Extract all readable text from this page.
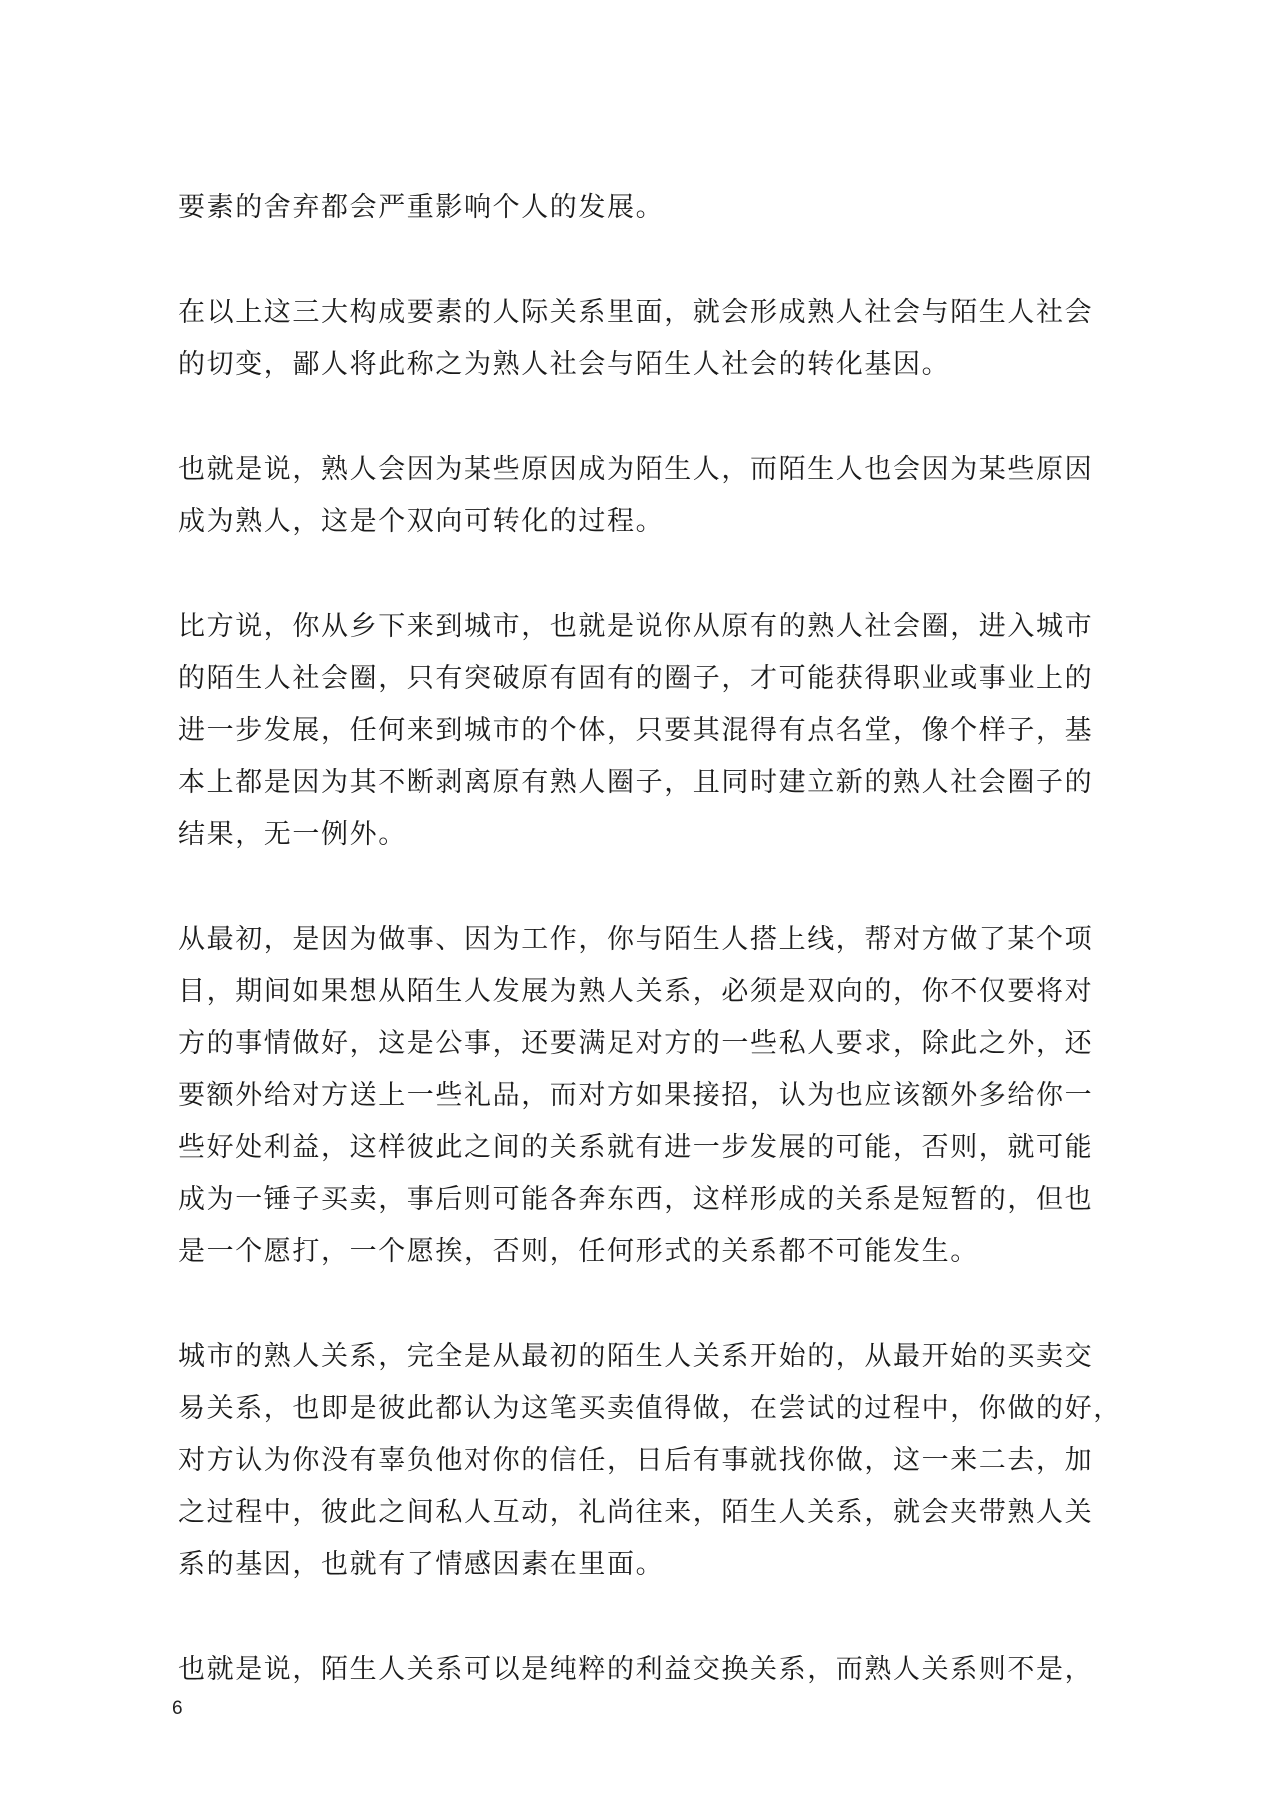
要素的舍弃都会严重影响个人的发展。

在以上这三大构成要素的人际关系里面，就会形成熟人社会与陌生人社会
的切变，鄙人将此称之为熟人社会与陌生人社会的转化基因。

也就是说，熟人会因为某些原因成为陌生人，而陌生人也会因为某些原因
成为熟人，这是个双向可转化的过程。

比方说，你从乡下来到城市，也就是说你从原有的熟人社会圈，进入城市
的陌生人社会圈，只有突破原有固有的圈子，才可能获得职业或事业上的
进一步发展，任何来到城市的个体，只要其混得有点名堂，像个样子，基
本上都是因为其不断剥离原有熟人圈子，且同时建立新的熟人社会圈子的
结果，无一例外。

从最初，是因为做事、因为工作，你与陌生人搭上线，帮对方做了某个项
目，期间如果想从陌生人发展为熟人关系，必须是双向的，你不仅要将对
方的事情做好，这是公事，还要满足对方的一些私人要求，除此之外，还
要额外给对方送上一些礼品，而对方如果接招，认为也应该额外多给你一
些好处利益，这样彼此之间的关系就有进一步发展的可能，否则，就可能
成为一锤子买卖，事后则可能各奔东西，这样形成的关系是短暂的，但也
是一个愿打，一个愿挨，否则，任何形式的关系都不可能发生。

城市的熟人关系，完全是从最初的陌生人关系开始的，从最开始的买卖交
易关系，也即是彼此都认为这笔买卖值得做，在尝试的过程中，你做的好，
对方认为你没有辜负他对你的信任，日后有事就找你做，这一来二去，加
之过程中，彼此之间私人互动，礼尚往来，陌生人关系，就会夹带熟人关
系的基因，也就有了情感因素在里面。

也就是说，陌生人关系可以是纯粹的利益交换关系，而熟人关系则不是，

6
